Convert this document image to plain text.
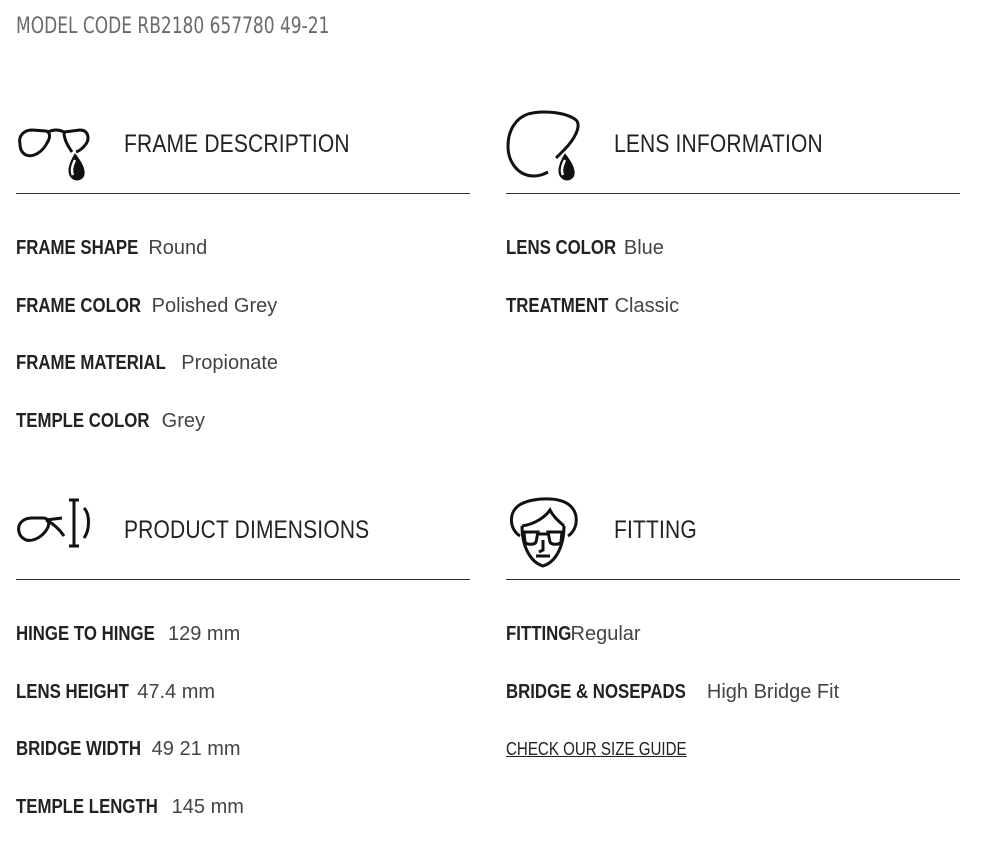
MODEL CODE RB2180 657780 49-21
FRAME DESCRIPTION
FRAME SHAPE Round
FRAME COLOR Polished Grey
FRAME MATERIAL Propionate
TEMPLE COLOR Grey
LENS INFORMATION
LENS COLOR Blue
TREATMENT Classic
PRODUCT DIMENSIONS
HINGE TO HINGE 129 mm
LENS HEIGHT 47.4 mm
BRIDGE WIDTH 49 21 mm
TEMPLE LENGTH 145 mm
FITTING
FITTINGRegular
BRIDGE & NOSEPADS High Bridge Fit
CHECK OUR SIZE GUIDE
